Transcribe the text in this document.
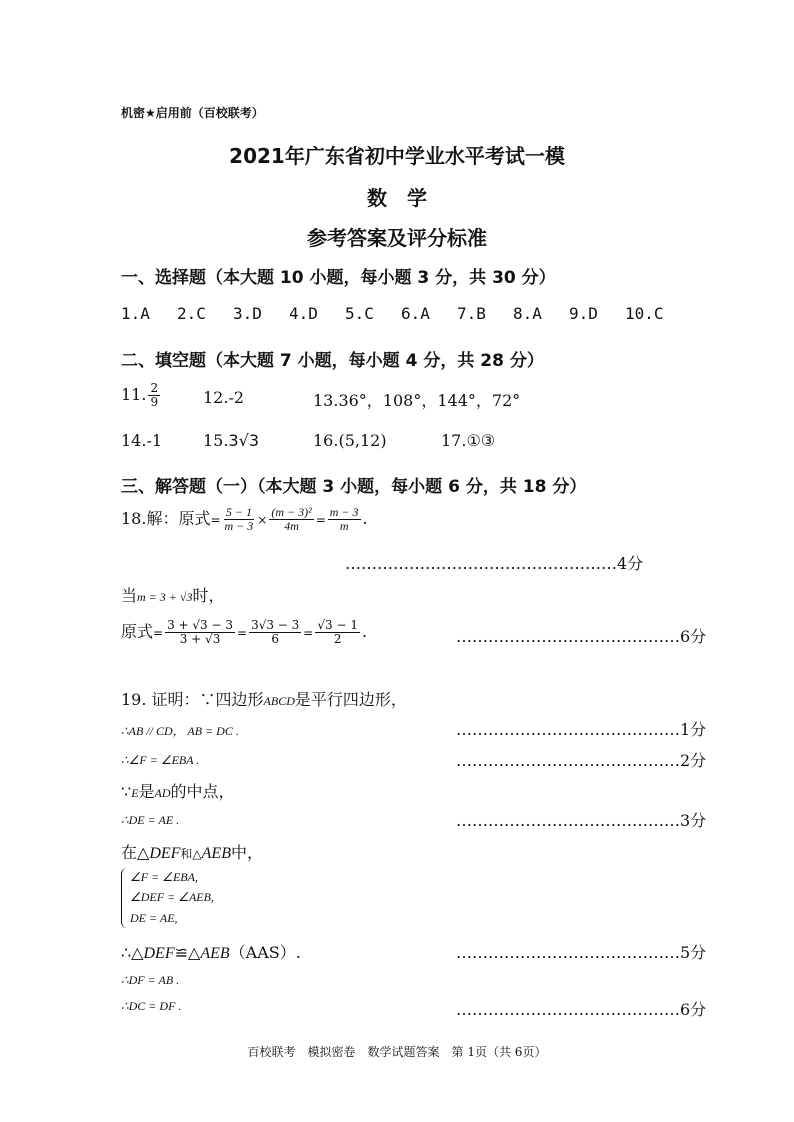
机密★启用前（百校联考）
2021年广东省初中学业水平考试一模
数　学
参考答案及评分标准
一、选择题（本大题 10 小题，每小题 3 分，共 30 分）
1.A 2.C 3.D 4.D 5.C 6.A 7.B 8.A 9.D 10.C
二、填空题（本大题 7 小题，每小题 4 分，共 28 分）
11. $\frac{2}{9}$	12.-2	13.36°，108°，144°，72°
14.-1	15.3√3	16.(5,12)	17.①③
三、解答题（一）（本大题 3 小题，每小题 6 分，共 18 分）
18.解：原式= $\frac{5 - 1}{m - 3} \times \frac{\text{(m − 3)²}}{4m} = \frac{m - 3}{m}$ .
……………………………………………4分
当m = 3 + √3时，
原式= $\frac{3 + √3 - 3}{3 + √3} = \frac{3√3 - 3}{6} = \frac{√3 - 1}{2}$ .	……………………………………6分
19. 证明：∵四边形ABCD是平行四边形，
∴AB // CD， AB = DC .	……………………………………1分
∴∠F = ∠EBA .	……………………………………2分
∵E是AD的中点，
∴DE = AE .	……………………………………3分
在△DEF和△AEB中，
∠F = ∠EBA,
∠DEF = ∠AEB,
DE = AE,
∴△DEF≌△AEB（AAS）.	……………………………………5分
∴DF = AB .
∴DC = DF .	……………………………………6分
百校联考　模拟密卷　数学试题答案　第 1页（共 6页）
